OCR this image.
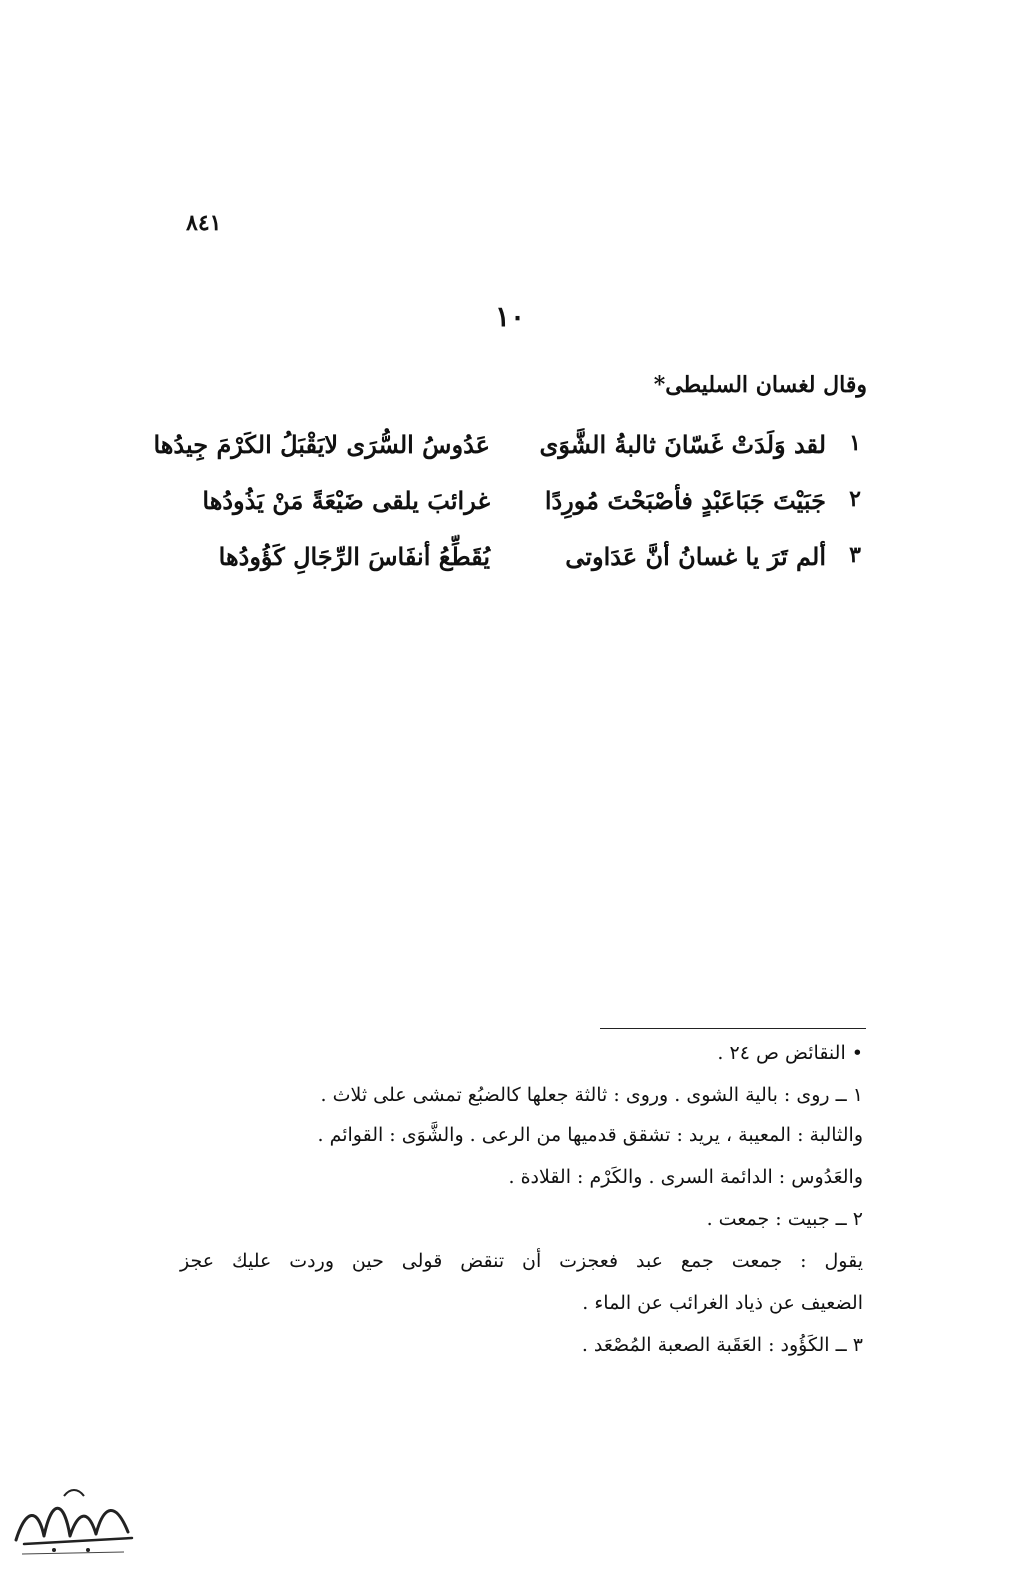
٨٤١
١٠
وقال لغسان السليطى*
١
لقد وَلَدَتْ غَسّانَ ثالبةُ الشَّوَى
عَدُوسُ السُّرَى لايَقْبَلُ الكَرْمَ جِيدُها
٢
جَبَيْتَ جَبَاعَبْدٍ فأصْبَحْتَ مُورِدًا
غرائبَ يلقى ضَيْعَةً مَنْ يَذُودُها
٣
ألم تَرَ يا غسانُ أنَّ عَدَاوتى
يُقَطِّعُ أنفَاسَ الرِّجَالِ كَؤُودُها
• النقائض ص ٢٤ .
١ ــ روى : بالية الشوى . وروى : ثالثة جعلها كالضبُع تمشى على ثلاث .
والثالبة : المعيبة ، يريد : تشقق قدميها من الرعى . والشَّوَى : القوائم .
والعَدُوس : الدائمة السرى . والكَرْم : القلادة .
٢ ــ جبيت : جمعت .
يقول : جمعت جمع عبد فعجزت أن تنقض قولى حين وردت عليك عجز
الضعيف عن ذياد الغرائب عن الماء .
٣ ــ الكَؤُود : العَقَبة الصعبة المُصْعَد .
